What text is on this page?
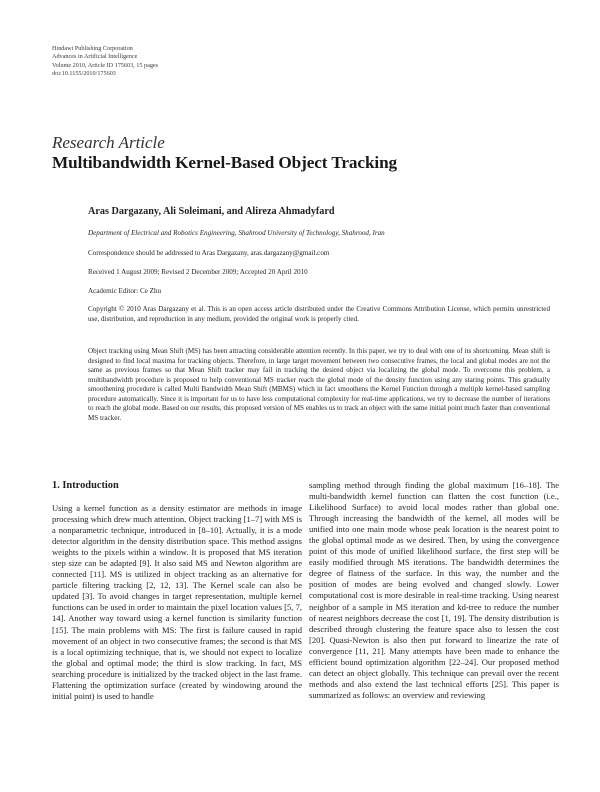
Hindawi Publishing Corporation
Advances in Artificial Intelligence
Volume 2010, Article ID 175603, 15 pages
doi:10.1155/2010/175603
Research Article
Multibandwidth Kernel-Based Object Tracking
Aras Dargazany, Ali Soleimani, and Alireza Ahmadyfard
Department of Electrical and Robotics Engineering, Shahrood University of Technology, Shahrood, Iran
Correspondence should be addressed to Aras Dargazany, aras.dargazany@gmail.com
Received 1 August 2009; Revised 2 December 2009; Accepted 20 April 2010
Academic Editor: Ce Zhu
Copyright © 2010 Aras Dargazany et al. This is an open access article distributed under the Creative Commons Attribution License, which permits unrestricted use, distribution, and reproduction in any medium, provided the original work is properly cited.
Object tracking using Mean Shift (MS) has been attracting considerable attention recently. In this paper, we try to deal with one of its shortcoming. Mean shift is designed to find local maxima for tracking objects. Therefore, in large target movement between two consecutive frames, the local and global modes are not the same as previous frames so that Mean Shift tracker may fail in tracking the desired object via localizing the global mode. To overcome this problem, a multibandwidth procedure is proposed to help conventional MS tracker reach the global mode of the density function using any staring points. This gradually smoothening procedure is called Multi Bandwidth Mean Shift (MBMS) which in fact smoothens the Kernel Function through a multiple kernel-based sampling procedure automatically. Since it is important for us to have less computational complexity for real-time applications, we try to decrease the number of iterations to reach the global mode. Based on our results, this proposed version of MS enables us to track an object with the same initial point much faster than conventional MS tracker.
1. Introduction

Using a kernel function as a density estimator are methods in image processing which drew much attention. Object tracking [1–7] with MS is a nonparametric technique, introduced in [8–10]. Actually, it is a mode detector algorithm in the density distribution space. This method assigns weights to the pixels within a window. It is proposed that MS iteration step size can be adapted [9]. It also said MS and Newton algorithm are connected [11]. MS is utilized in object tracking as an alternative for particle filtering tracking [2, 12, 13]. The Kernel scale can also be updated [3]. To avoid changes in target representation, multiple kernel functions can be used in order to maintain the pixel location values [5, 7, 14]. Another way toward using a kernel function is similarity function [15]. The main problems with MS: The first is failure caused in rapid movement of an object in two consecutive frames; the second is that MS is a local optimizing technique, that is, we should not expect to localize the global and optimal mode; the third is slow tracking. In fact, MS searching procedure is initialized by the tracked object in the last frame. Flattening the optimization surface (created by windowing around the initial point) is used to handle

sampling method through finding the global maximum [16–18]. The multi-bandwidth kernel function can flatten the cost function (i.e., Likelihood Surface) to avoid local modes rather than global one. Through increasing the bandwidth of the kernel, all modes will be unified into one main mode whose peak location is the nearest point to the global optimal mode as we desired. Then, by using the convergence point of this mode of unified likelihood surface, the first step will be easily modified through MS iterations. The bandwidth determines the degree of flatness of the surface. In this way, the number and the position of modes are being evolved and changed slowly. Lower computational cost is more desirable in real-time tracking. Using nearest neighbor of a sample in MS iteration and kd-tree to reduce the number of nearest neighbors decrease the cost [1, 19]. The density distribution is described through clustering the feature space also to lessen the cost [20]. Quasi-Newton is also then put forward to linearize the rate of convergence [11, 21]. Many attempts have been made to enhance the efficient bound optimization algorithm [22–24]. Our proposed method can detect an object globally. This technique can prevail over the recent methods and also extend the last technical efforts [25]. This paper is summarized as follows: an overview and reviewing
